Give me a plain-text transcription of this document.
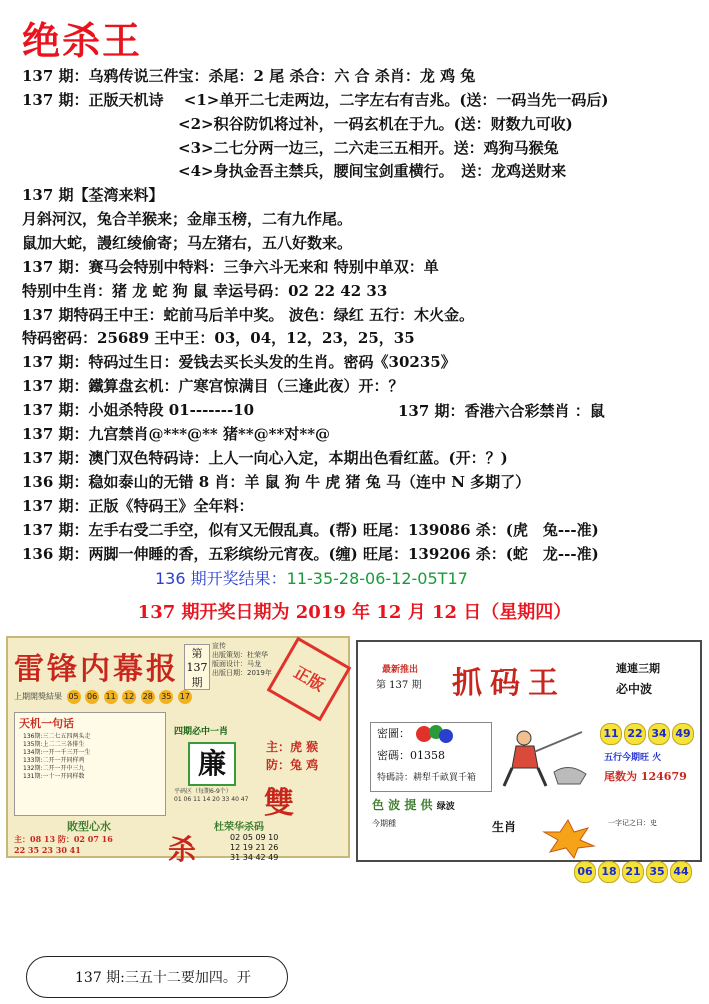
绝杀王
137 期：乌鸦传说三件宝：杀尾：2 尾 杀合：六 合 杀肖：龙 鸡 兔
137 期：正版天机诗　 <1>单开二七走两边，二字左右有吉兆。(送：一码当先一码后)
<2>积谷防饥将过补，一码玄机在于九。(送：财数九可收)
<3>二七分两一边三，二六走三五相开。送：鸡狗马猴兔
<4>身执金吾主禁兵，腰间宝剑重横行。　送：龙鸡送财来
137 期【荃湾来料】
月斜河汉，兔合羊猴来；金扉玉榜，二有九作尾。
鼠加大蛇，謾红绫偷寄；马左猪右，五八好数来。
137 期：赛马会特别中特料：三争六斗无来和 特别中单双：单
特别中生肖：猪 龙 蛇 狗 鼠 幸运号码：02 22 42 33
137 期特码王中王：蛇前马后羊中奖。 波色：绿红 五行：木火金。
特码密码：25689 王中王：03，04，12，23，25，35
137 期：特码过生日：爱钱去买长头发的生肖。密码《30235》
137 期：鐵算盘玄机：广寒宫惊满目（三逢此夜）开：？
137 期：小姐杀特段 01-------10	137 期：香港六合彩禁肖 ：鼠
137 期：九宫禁肖@***@** 猪**@**对**@
137 期：澳门双色特码诗：上人一向心入定，本期出色看红蓝。(开：？)
136 期：稳如泰山的无错 8 肖：羊 鼠 狗 牛 虎 猪 兔 马（连中 N 多期了）
137 期：正版《特码王》全年料：
137 期：左手右受二手空，似有又无假乱真。(帮) 旺尾：139086 杀：(虎　兔---准)
136 期：两脚一伸睡的香，五彩缤纷元宵夜。(缠) 旺尾：139206 杀：(蛇　龙---准)
136 期开奖结果：11-35-28-06-12-05T17
137 期开奖日期为 2019 年 12 月 12 日（星期四）
雷锋内幕报	第137期
宣传
出版策划：杜荣华
版面设计：马龙
出版日期：2019年	正版
上期開獎結果 05 06 11 12 28 35 17
天机一句话
136期:三二七五四两头走
135期:上二二三各排生
134期:一开一千三开一生
133期:二开一开同样鸡
132期:二开一开中三九
131期:一十一开同样数
四期必中一肖
廉
平码区（每期6-9个）
01 06 11 14 20 33 40 47
主：虎 猴
防：兔 鸡
雙
敗型心水
主：08 13 防：02 07 16
22 35 23 30 41	杀
杜荣华杀码
02 05 09 10
12 19 21 26
31 34 42 49
最新推出
第 137 期 抓码王	連連三期
必中波
密圖：
密碼：01358
特碼詩：耕犁千畝買千箱
11 22 34 49
五行今期旺 火
尾数为 124679
色 波 提 供 绿波
今期種	生肖	一字记之曰：史
06 18 21 35 44
137 期:三五十二要加四。开
